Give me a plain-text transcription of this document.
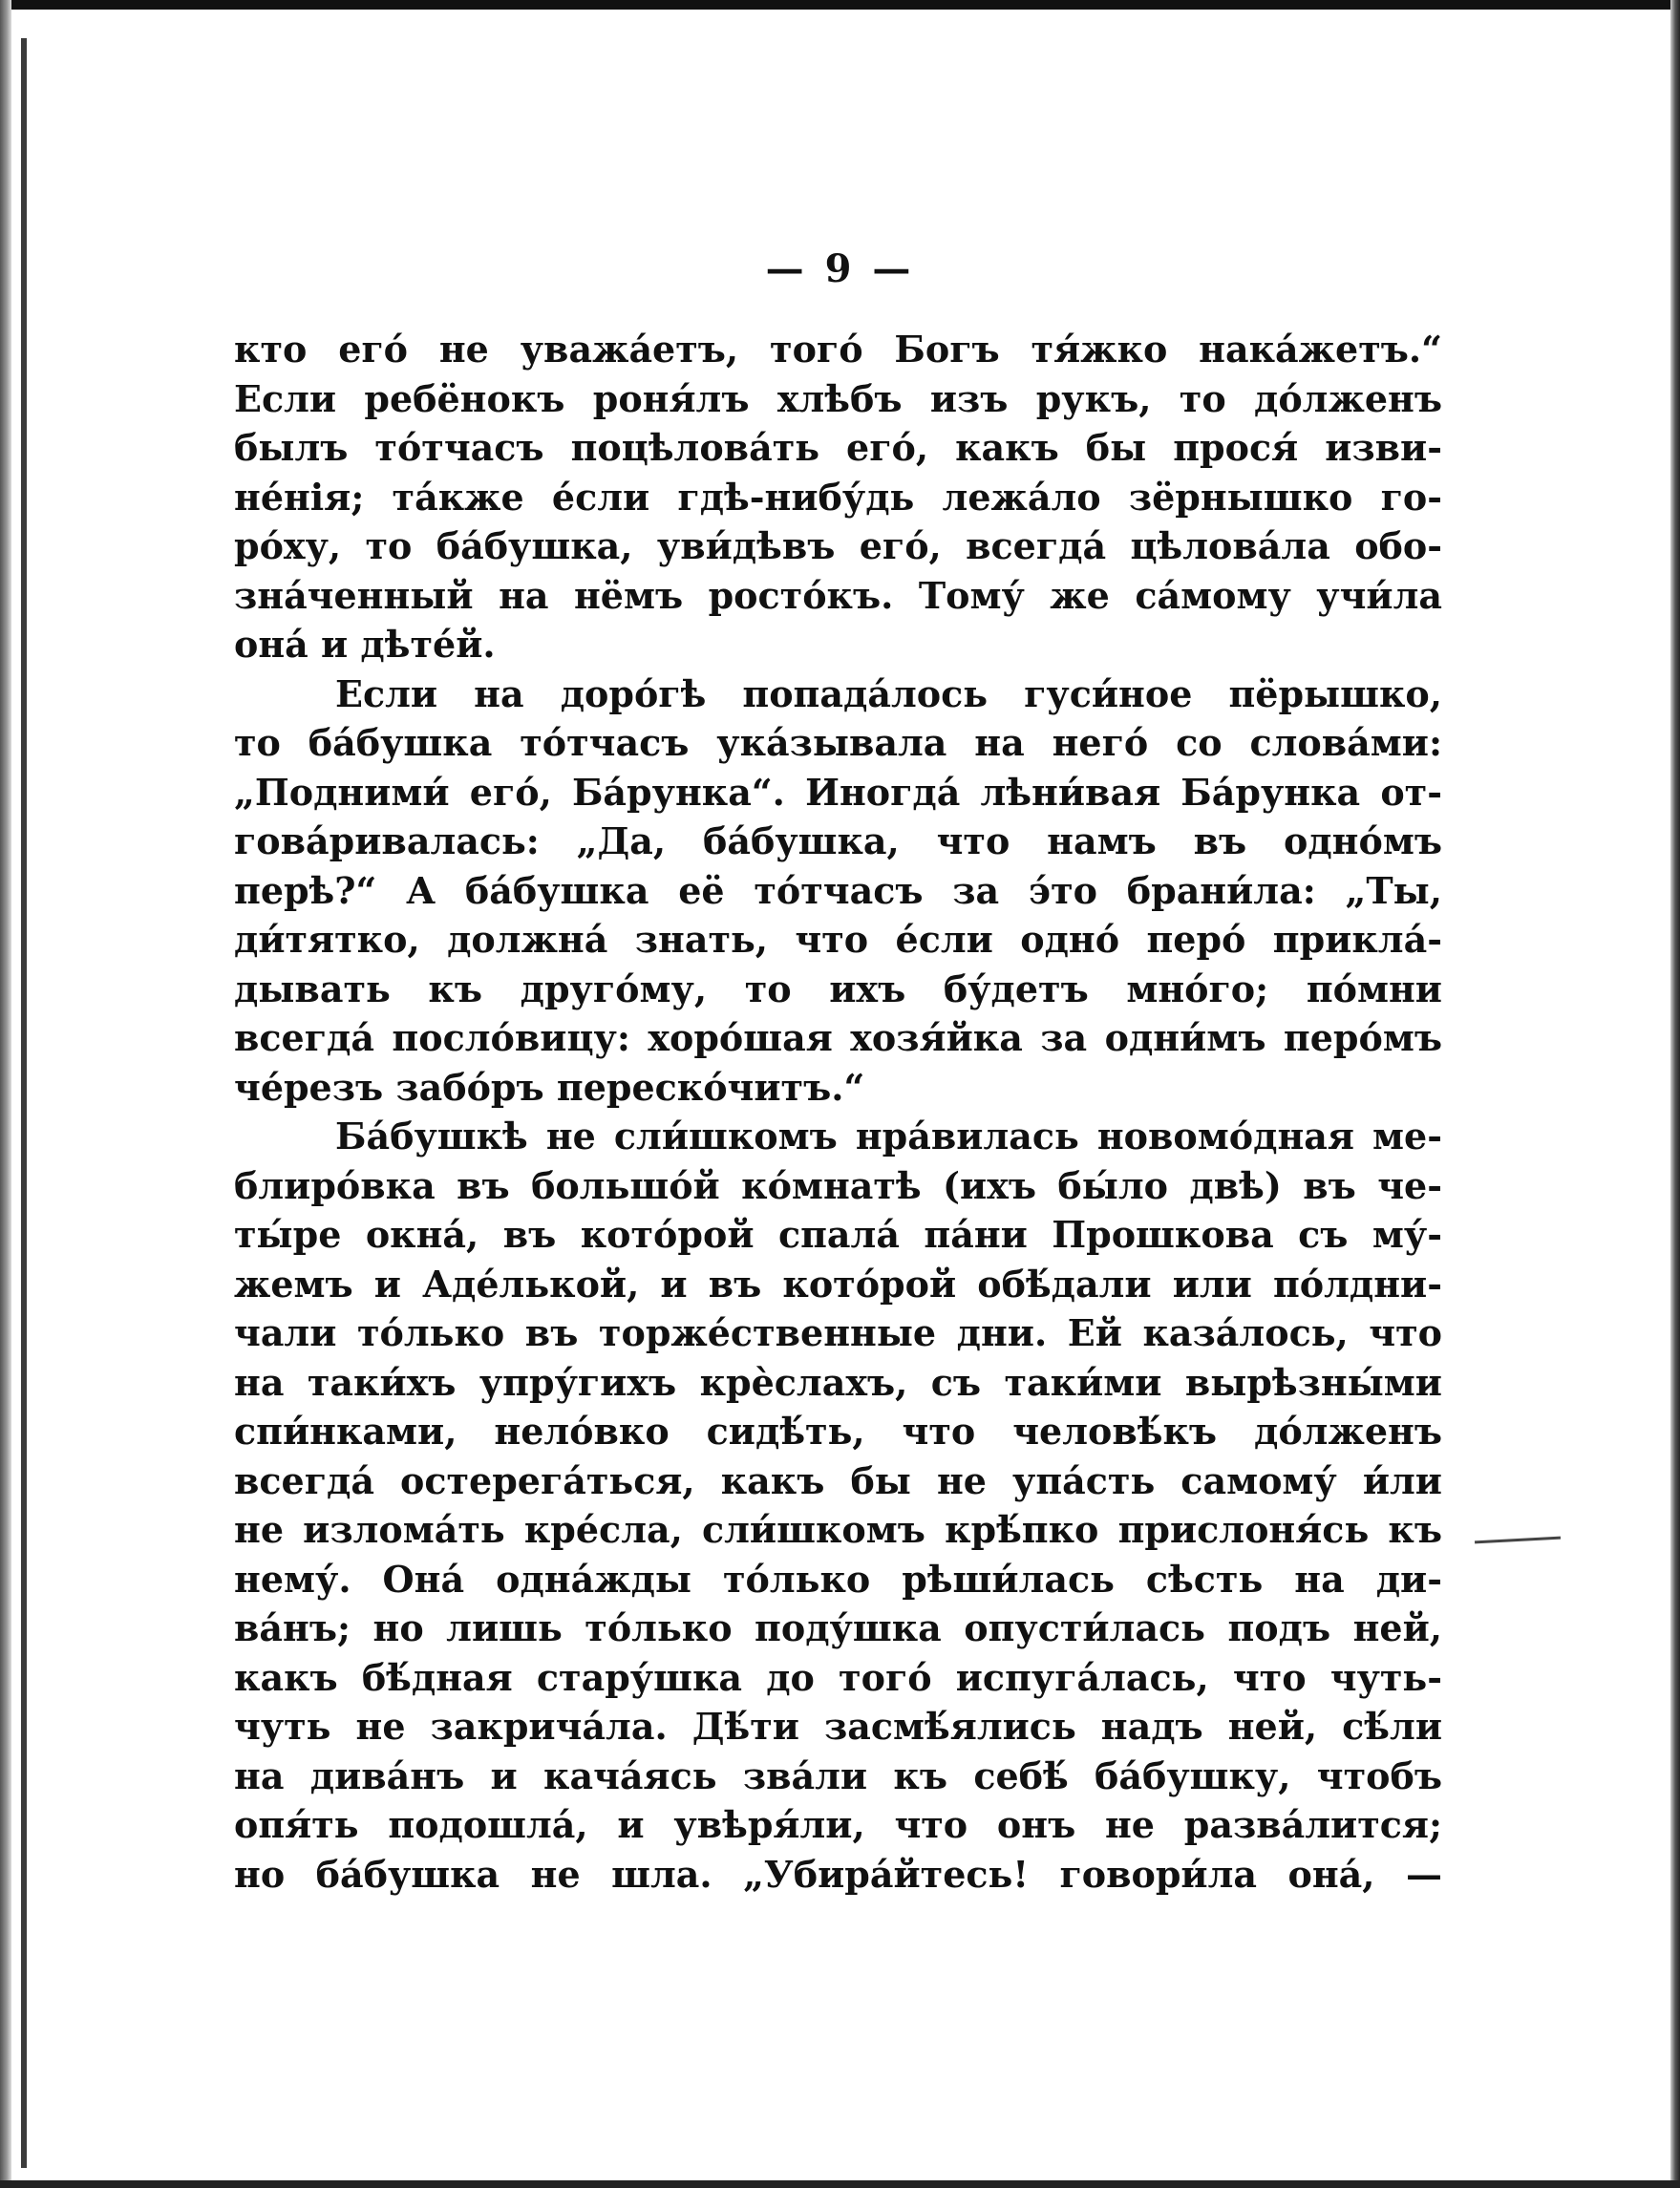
— 9 —
кто его́ не уважа́етъ, того́ Богъ тя́жко нака́жетъ.“
Если ребёнокъ роня́лъ хлѣбъ изъ рукъ, то до́лженъ
былъ то́тчасъ поцѣлова́ть его́, какъ бы прося́ изви-
не́нія; та́кже е́сли гдѣ-нибу́дь лежа́ло зёрнышко го-
ро́ху, то ба́бушка, уви́дѣвъ его́, всегда́ цѣлова́ла обо-
зна́ченный на нёмъ росто́къ. Тому́ же са́мому учи́ла
она́ и дѣте́й.
Если на доро́гѣ попада́лось гуси́ное пёрышко,
то ба́бушка то́тчасъ ука́зывала на него́ со слова́ми:
„Подними́ его́, Ба́рунка“. Иногда́ лѣни́вая Ба́рунка от-
гова́ривалась: „Да, ба́бушка, что намъ въ одно́мъ
перѣ?“ А ба́бушка её то́тчасъ за э́то брани́ла: „Ты,
ди́тятко, должна́ знать, что е́сли одно́ перо́ прикла́-
дывать къ друго́му, то ихъ бу́детъ мно́го; по́мни
всегда́ посло́вицу: хоро́шая хозя́йка за одни́мъ перо́мъ
че́резъ забо́ръ переско́читъ.“
Ба́бушкѣ не сли́шкомъ нра́вилась новомо́дная ме-
блиро́вка въ большо́й ко́мнатѣ (ихъ бы́ло двѣ) въ че-
ты́ре окна́, въ кото́рой спала́ па́ни Прошкова съ му́-
жемъ и Аде́лькой, и въ кото́рой обѣ́дали или по́лдни-
чали то́лько въ торже́ственные дни. Ей каза́лось, что
на таки́хъ упру́гихъ крѐслахъ, съ таки́ми вырѣзны́ми
спи́нками, нело́вко сидѣ́ть, что человѣ́къ до́лженъ
всегда́ остерега́ться, какъ бы не упа́сть самому́ и́ли
не излома́ть кре́сла, сли́шкомъ крѣ́пко прислоня́сь къ
нему́. Она́ одна́жды то́лько рѣши́лась сѣсть на ди-
ва́нъ; но лишь то́лько поду́шка опусти́лась подъ ней,
какъ бѣ́дная стару́шка до того́ испуга́лась, что чуть-
чуть не закрича́ла. Дѣ́ти засмѣ́ялись надъ ней, сѣ́ли
на дива́нъ и кача́ясь зва́ли къ себѣ́ ба́бушку, чтобъ
опя́ть подошла́, и увѣря́ли, что онъ не разва́лится;
но ба́бушка не шла. „Убира́йтесь! говори́ла она́, —
